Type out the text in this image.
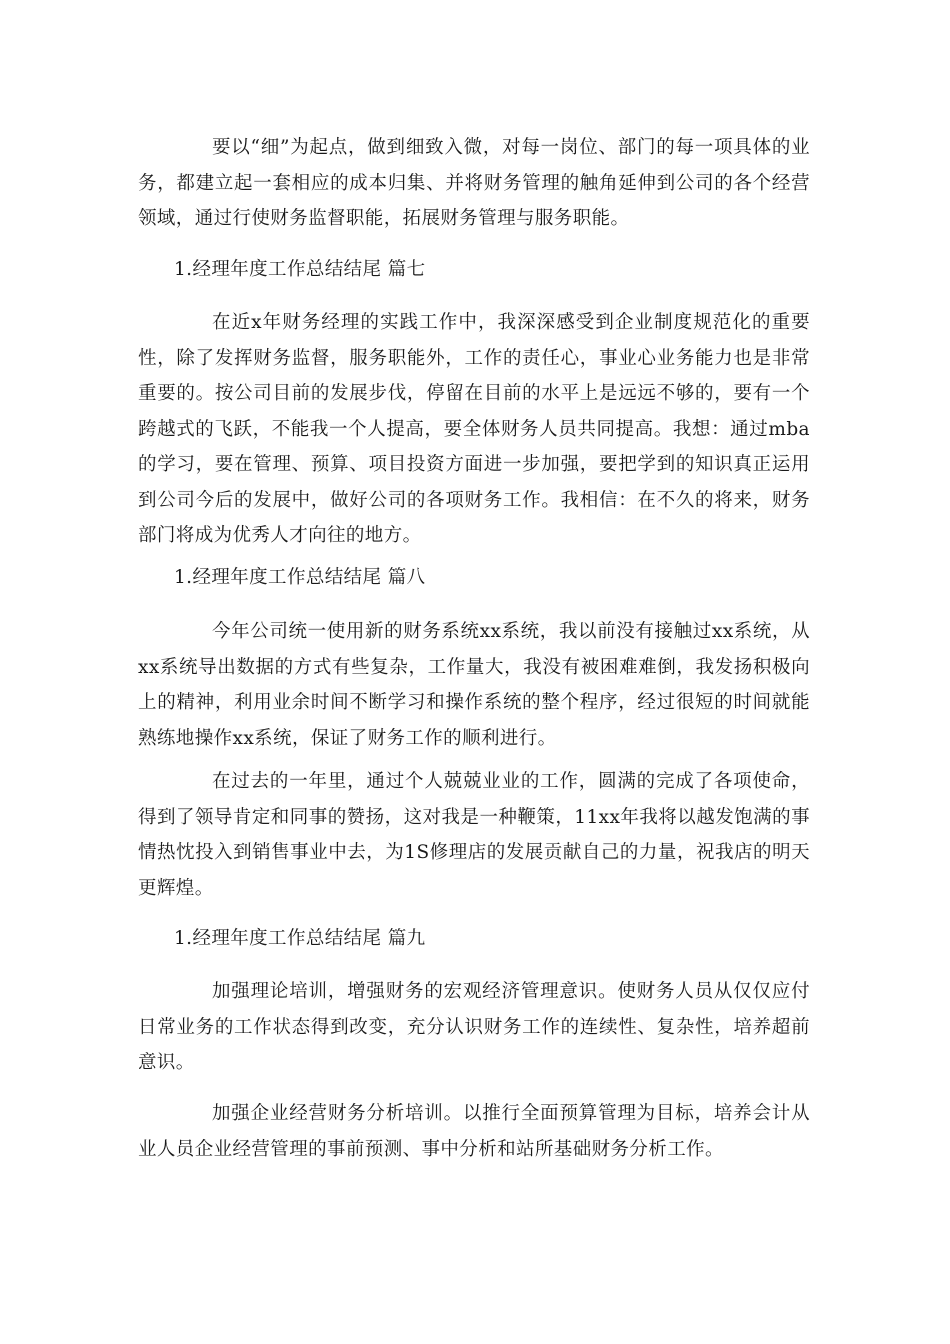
要以“细”为起点，做到细致入微，对每一岗位、部门的每一项具体的业务，都建立起一套相应的成本归集、并将财务管理的触角延伸到公司的各个经营领域，通过行使财务监督职能，拓展财务管理与服务职能。

1.经理年度工作总结结尾 篇七

在近x年财务经理的实践工作中，我深深感受到企业制度规范化的重要性，除了发挥财务监督，服务职能外，工作的责任心，事业心业务能力也是非常重要的。按公司目前的发展步伐，停留在目前的水平上是远远不够的，要有一个跨越式的飞跃，不能我一个人提高，要全体财务人员共同提高。我想：通过mba的学习，要在管理、预算、项目投资方面进一步加强，要把学到的知识真正运用到公司今后的发展中，做好公司的各项财务工作。我相信：在不久的将来，财务部门将成为优秀人才向往的地方。

1.经理年度工作总结结尾 篇八

今年公司统一使用新的财务系统xx系统，我以前没有接触过xx系统，从xx系统导出数据的方式有些复杂，工作量大，我没有被困难难倒，我发扬积极向上的精神，利用业余时间不断学习和操作系统的整个程序，经过很短的时间就能熟练地操作xx系统，保证了财务工作的顺利进行。

在过去的一年里，通过个人兢兢业业的工作，圆满的完成了各项使命，得到了领导肯定和同事的赞扬，这对我是一种鞭策，11xx年我将以越发饱满的事情热忱投入到销售事业中去，为1S修理店的发展贡献自己的力量，祝我店的明天更辉煌。

1.经理年度工作总结结尾 篇九

加强理论培训，增强财务的宏观经济管理意识。使财务人员从仅仅应付日常业务的工作状态得到改变，充分认识财务工作的连续性、复杂性，培养超前意识。

加强企业经营财务分析培训。以推行全面预算管理为目标，培养会计从业人员企业经营管理的事前预测、事中分析和站所基础财务分析工作。
